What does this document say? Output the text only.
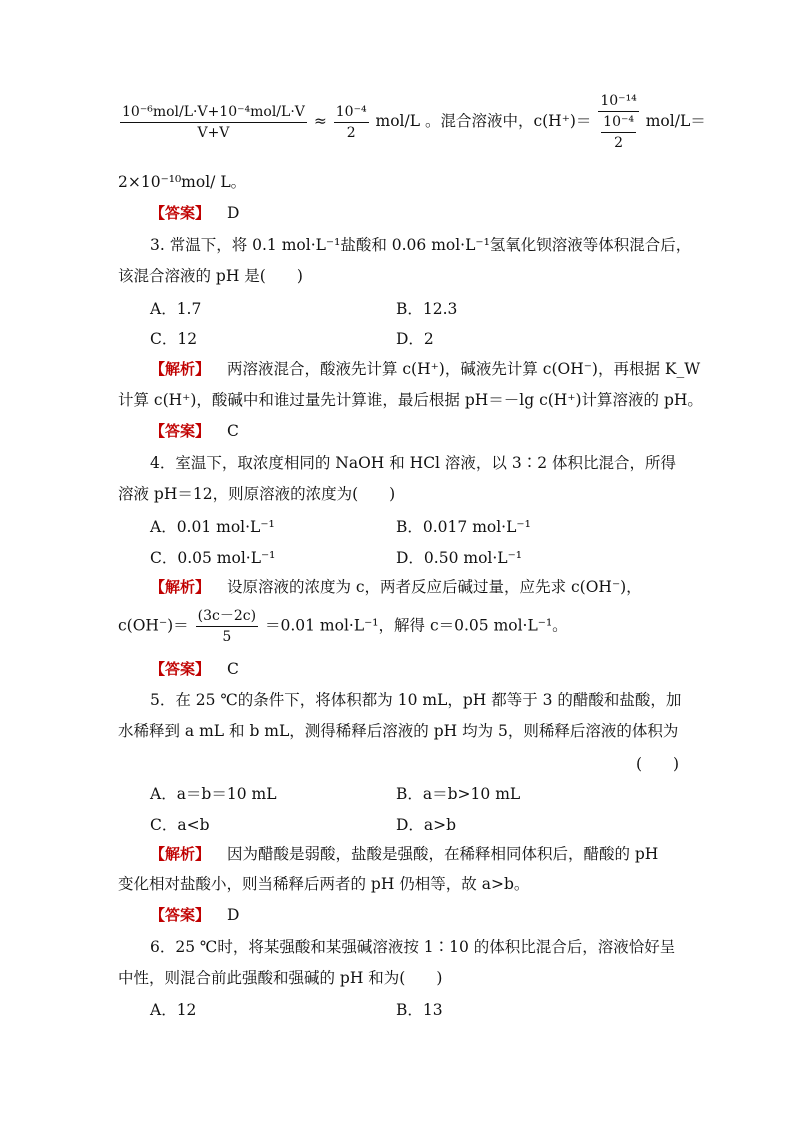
$\frac{\text{10⁻⁶mol/L·V+10⁻⁴mol/L·V}}{V+V} \approx \frac{\text{10⁻⁴}}{2} mol/L$ 。混合溶液中，$c(H^+)= \frac{\text{10⁻¹⁴}}{\frac{\text{10⁻⁴}}{2}} mol/L=$
2×10⁻¹⁰mol/ L。
【答案】 D
3. 常温下，将 0.1 mol·L⁻¹盐酸和 0.06 mol·L⁻¹氢氧化钡溶液等体积混合后，
该混合溶液的 pH 是(　　)
A．1.7	B．12.3
C．12	D．2
【解析】 两溶液混合，酸液先计算 c(H⁺)，碱液先计算 c(OH⁻)，再根据 K_W
计算 c(H⁺)，酸碱中和谁过量先计算谁，最后根据 pH＝－lg c(H⁺)计算溶液的 pH。
【答案】 C
4．室温下，取浓度相同的 NaOH 和 HCl 溶液，以 3∶2 体积比混合，所得
溶液 pH＝12，则原溶液的浓度为(　　)
A．0.01 mol·L⁻¹	B．0.017 mol·L⁻¹
C．0.05 mol·L⁻¹	D．0.50 mol·L⁻¹
【解析】 设原溶液的浓度为 c，两者反应后碱过量，应先求 c(OH⁻)，
$c(OH^-)= \frac{(3c-2c)}{5} =0.01$ mol·L⁻¹，解得 c＝0.05 mol·L⁻¹。
【答案】 C
5．在 25 ℃的条件下，将体积都为 10 mL，pH 都等于 3 的醋酸和盐酸，加
水稀释到 a mL 和 b mL，测得稀释后溶液的 pH 均为 5，则稀释后溶液的体积为
(　　)
A．a＝b＝10 mL	B．a＝b>10 mL
C．a<b	D．a>b
【解析】 因为醋酸是弱酸，盐酸是强酸，在稀释相同体积后，醋酸的 pH
变化相对盐酸小，则当稀释后两者的 pH 仍相等，故 a>b。
【答案】 D
6．25 ℃时，将某强酸和某强碱溶液按 1∶10 的体积比混合后，溶液恰好呈
中性，则混合前此强酸和强碱的 pH 和为(　　)
A．12	B．13
